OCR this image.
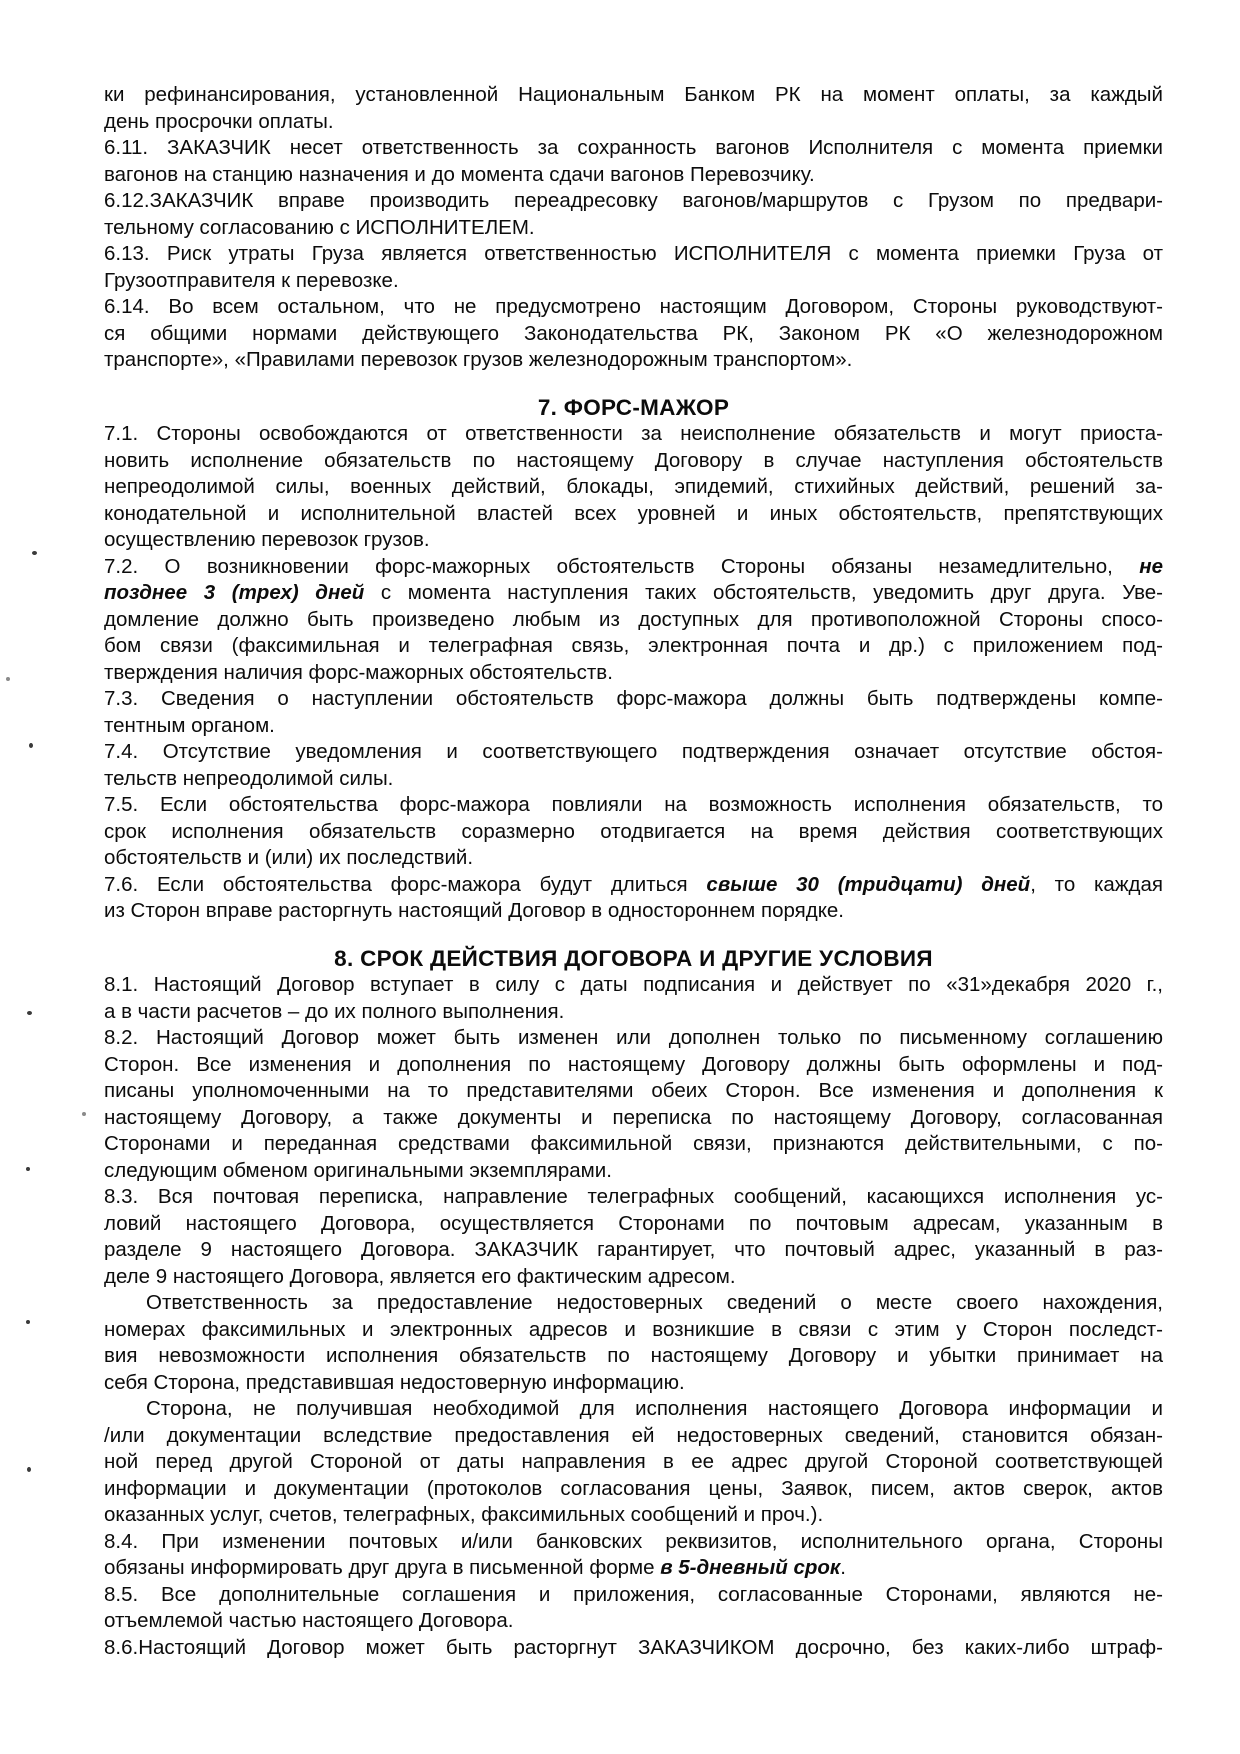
ки рефинансирования, установленной Национальным Банком РК на момент оплаты, за каждый
день просрочки оплаты.
6.11. ЗАКАЗЧИК несет ответственность за сохранность вагонов Исполнителя с момента приемки
вагонов на станцию назначения и до момента сдачи вагонов Перевозчику.
6.12.ЗАКАЗЧИК вправе производить переадресовку вагонов/маршрутов с Грузом по предвари-
тельному согласованию с ИСПОЛНИТЕЛЕМ.
6.13. Риск утраты Груза является ответственностью ИСПОЛНИТЕЛЯ с момента приемки Груза от
Грузоотправителя к перевозке.
6.14. Во всем остальном, что не предусмотрено настоящим Договором, Стороны руководствуют-
ся общими нормами действующего Законодательства РК, Законом РК «О железнодорожном
транспорте», «Правилами перевозок грузов железнодорожным транспортом».
7. ФОРС-МАЖОР
7.1. Стороны освобождаются от ответственности за неисполнение обязательств и могут приоста-
новить исполнение обязательств по настоящему Договору в случае наступления обстоятельств
непреодолимой силы, военных действий, блокады, эпидемий, стихийных действий, решений за-
конодательной и исполнительной властей всех уровней и иных обстоятельств, препятствующих
осуществлению перевозок грузов.
7.2. О возникновении форс-мажорных обстоятельств Стороны обязаны незамедлительно, не
позднее 3 (трех) дней с момента наступления таких обстоятельств, уведомить друг друга. Уве-
домление должно быть произведено любым из доступных для противоположной Стороны спосо-
бом связи (факсимильная и телеграфная связь, электронная почта и др.) с приложением под-
тверждения наличия форс-мажорных обстоятельств.
7.3. Сведения о наступлении обстоятельств форс-мажора должны быть подтверждены компе-
тентным органом.
7.4. Отсутствие уведомления и соответствующего подтверждения означает отсутствие обстоя-
тельств непреодолимой силы.
7.5. Если обстоятельства форс-мажора повлияли на возможность исполнения обязательств, то
срок исполнения обязательств соразмерно отодвигается на время действия соответствующих
обстоятельств и (или) их последствий.
7.6. Если обстоятельства форс-мажора будут длиться свыше 30 (тридцати) дней, то каждая
из Сторон вправе расторгнуть настоящий Договор в одностороннем порядке.
8. СРОК ДЕЙСТВИЯ ДОГОВОРА И ДРУГИЕ УСЛОВИЯ
8.1. Настоящий Договор вступает в силу с даты подписания и действует по «31»декабря 2020 г.,
а в части расчетов – до их полного выполнения.
8.2. Настоящий Договор может быть изменен или дополнен только по письменному соглашению
Сторон. Все изменения и дополнения по настоящему Договору должны быть оформлены и под-
писаны уполномоченными на то представителями обеих Сторон. Все изменения и дополнения к
настоящему Договору, а также документы и переписка по настоящему Договору, согласованная
Сторонами и переданная средствами факсимильной связи, признаются действительными, с по-
следующим обменом оригинальными экземплярами.
8.3. Вся почтовая переписка, направление телеграфных сообщений, касающихся исполнения ус-
ловий настоящего Договора, осуществляется Сторонами по почтовым адресам, указанным в
разделе 9 настоящего Договора. ЗАКАЗЧИК гарантирует, что почтовый адрес, указанный в раз-
деле 9 настоящего Договора, является его фактическим адресом.
Ответственность за предоставление недостоверных сведений о месте своего нахождения,
номерах факсимильных и электронных адресов и возникшие в связи с этим у Сторон последст-
вия невозможности исполнения обязательств по настоящему Договору и убытки принимает на
себя Сторона, представившая недостоверную информацию.
Сторона, не получившая необходимой для исполнения настоящего Договора информации и
/или документации вследствие предоставления ей недостоверных сведений, становится обязан-
ной перед другой Стороной от даты направления в ее адрес другой Стороной соответствующей
информации и документации (протоколов согласования цены, Заявок, писем, актов сверок, актов
оказанных услуг, счетов, телеграфных, факсимильных сообщений и проч.).
8.4. При изменении почтовых и/или банковских реквизитов, исполнительного органа, Стороны
обязаны информировать друг друга в письменной форме в 5-дневный срок.
8.5. Все дополнительные соглашения и приложения, согласованные Сторонами, являются не-
отъемлемой частью настоящего Договора.
8.6.Настоящий Договор может быть расторгнут ЗАКАЗЧИКОМ досрочно, без каких-либо штраф-
